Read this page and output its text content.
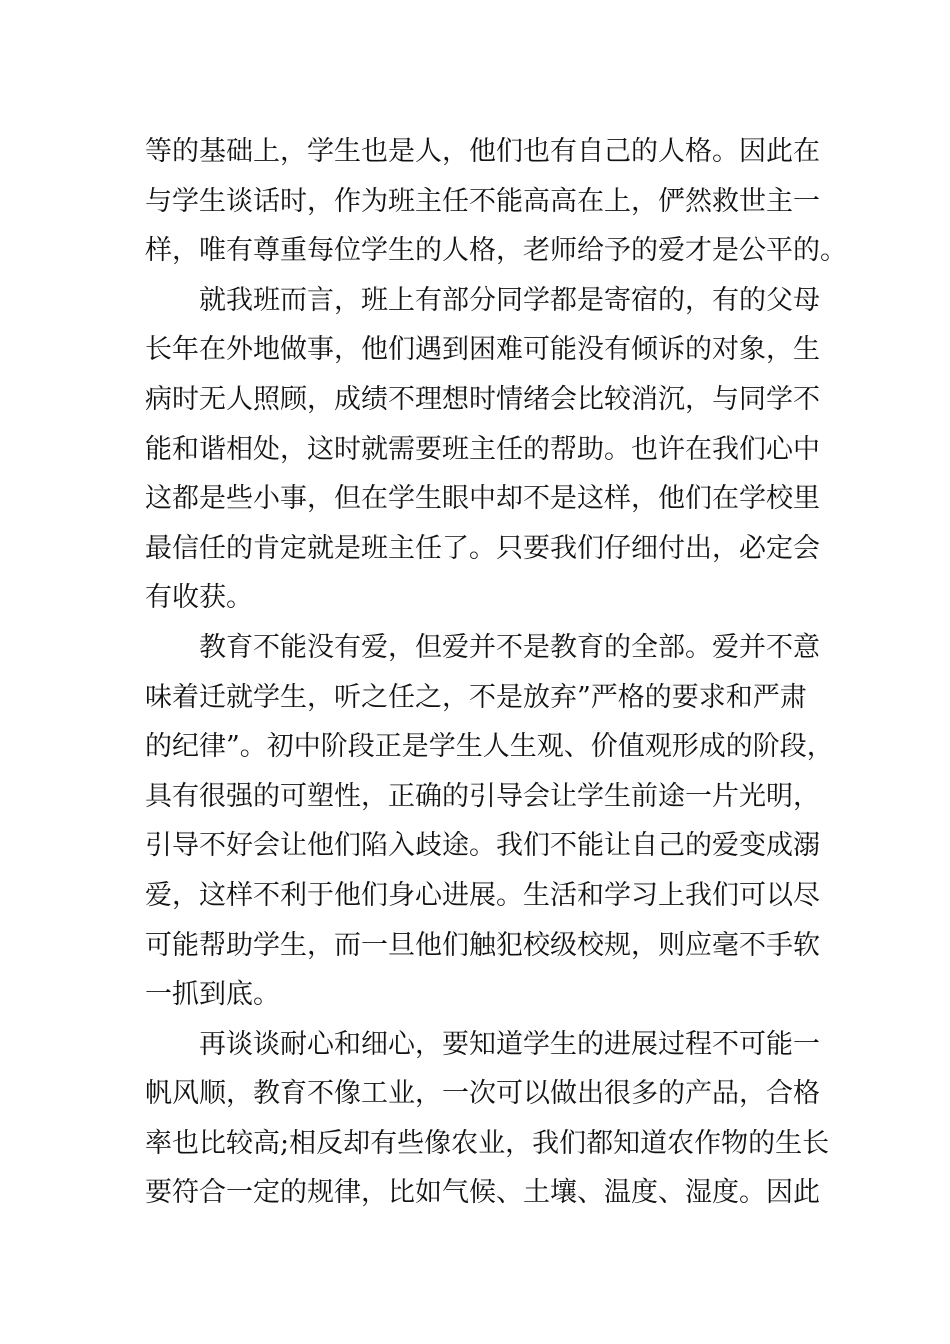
等的基础上，学生也是人，他们也有自己的人格。因此在
与学生谈话时，作为班主任不能高高在上，俨然救世主一
样，唯有尊重每位学生的人格，老师给予的爱才是公平的。
就我班而言，班上有部分同学都是寄宿的，有的父母
长年在外地做事，他们遇到困难可能没有倾诉的对象，生
病时无人照顾，成绩不理想时情绪会比较消沉，与同学不
能和谐相处，这时就需要班主任的帮助。也许在我们心中
这都是些小事，但在学生眼中却不是这样，他们在学校里
最信任的肯定就是班主任了。只要我们仔细付出，必定会
有收获。
教育不能没有爱，但爱并不是教育的全部。爱并不意
味着迁就学生，听之任之，不是放弃”严格的要求和严肃
的纪律”。初中阶段正是学生人生观、价值观形成的阶段，
具有很强的可塑性，正确的引导会让学生前途一片光明，
引导不好会让他们陷入歧途。我们不能让自己的爱变成溺
爱，这样不利于他们身心进展。生活和学习上我们可以尽
可能帮助学生，而一旦他们触犯校级校规，则应毫不手软
一抓到底。
再谈谈耐心和细心，要知道学生的进展过程不可能一
帆风顺，教育不像工业，一次可以做出很多的产品，合格
率也比较高;相反却有些像农业，我们都知道农作物的生长
要符合一定的规律，比如气候、土壤、温度、湿度。因此
